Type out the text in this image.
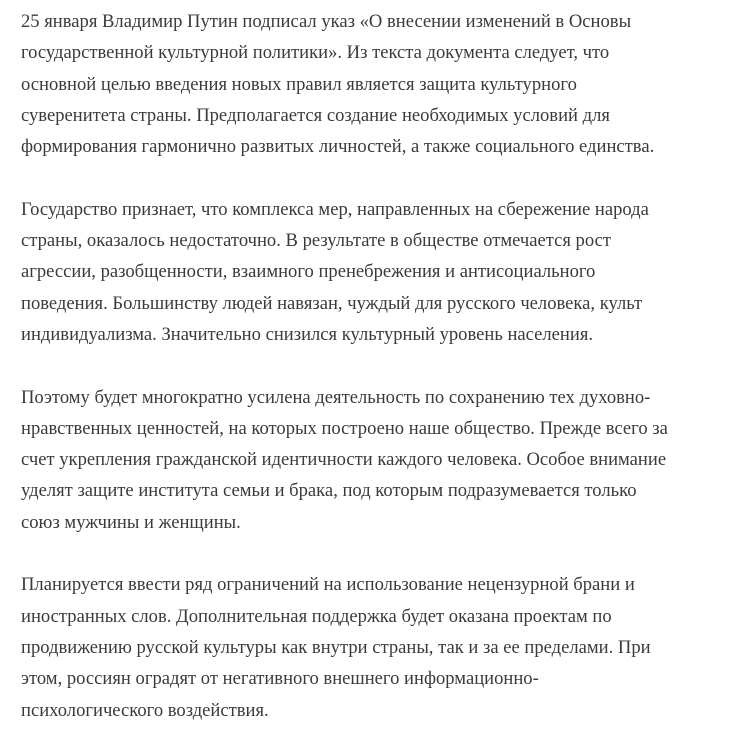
25 января Владимир Путин подписал указ «О внесении изменений в Основы
государственной культурной политики». Из текста документа следует, что
основной целью введения новых правил является защита культурного
суверенитета страны. Предполагается создание необходимых условий для
формирования гармонично развитых личностей, а также социального единства.

Государство признает, что комплекса мер, направленных на сбережение народа
страны, оказалось недостаточно. В результате в обществе отмечается рост
агрессии, разобщенности, взаимного пренебрежения и антисоциального
поведения. Большинству людей навязан, чуждый для русского человека, культ
индивидуализма. Значительно снизился культурный уровень населения.

Поэтому будет многократно усилена деятельность по сохранению тех духовно-
нравственных ценностей, на которых построено наше общество. Прежде всего за
счет укрепления гражданской идентичности каждого человека. Особое внимание
уделят защите института семьи и брака, под которым подразумевается только
союз мужчины и женщины.

Планируется ввести ряд ограничений на использование нецензурной брани и
иностранных слов. Дополнительная поддержка будет оказана проектам по
продвижению русской культуры как внутри страны, так и за ее пределами. При
этом, россиян оградят от негативного внешнего информационно-
психологического воздействия.
